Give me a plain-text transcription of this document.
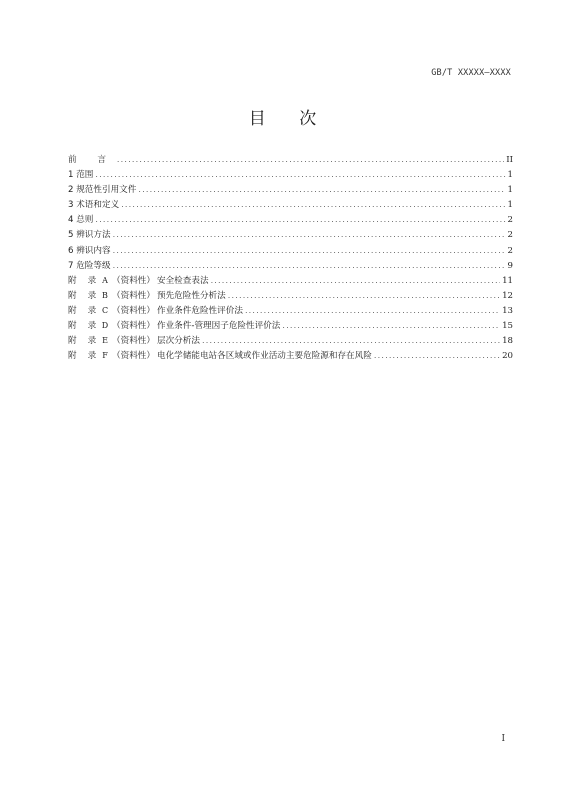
GB/T XXXXX—XXXX
目 次
前 言 .....	II
1 范围 .....	1
2 规范性引用文件 .....	1
3 术语和定义 .....	1
4 总则 .....	2
5 辨识方法 .....	2
6 辨识内容 .....	2
7 危险等级 .....	9
附 录 A （资料性） 安全检查表法 .....	11
附 录 B （资料性） 预先危险性分析法 .....	12
附 录 C （资料性） 作业条件危险性评价法 .....	13
附 录 D （资料性） 作业条件-管理因子危险性评价法 .....	15
附 录 E （资料性） 层次分析法 .....	18
附 录 F （资料性） 电化学储能电站各区域或作业活动主要危险源和存在风险 .....	20
I
